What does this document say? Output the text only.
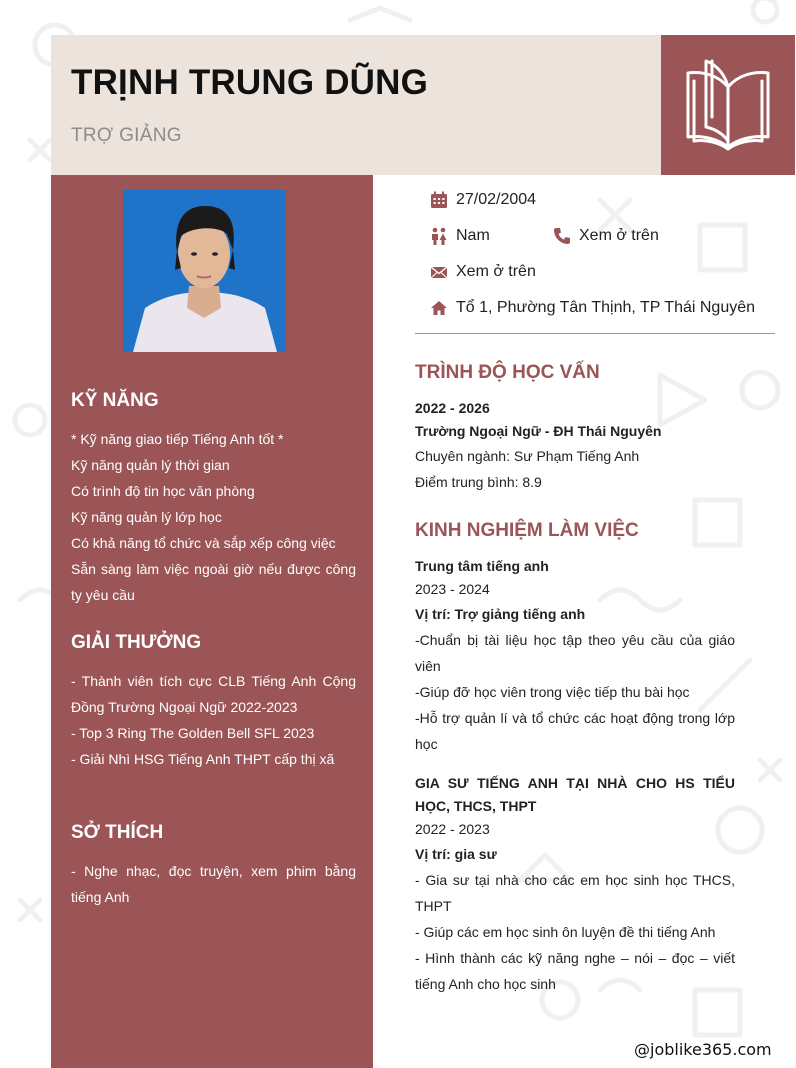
TRỊNH TRUNG DŨNG

TRỢ GIẢNG

KỸ NĂNG
* Kỹ năng giao tiếp Tiếng Anh tốt *
Kỹ năng quản lý thời gian
Có trình độ tin học văn phòng
Kỹ năng quản lý lớp học
Có khả năng tổ chức và sắp xếp công việc
Sẵn sàng làm việc ngoài giờ nếu được công ty yêu cầu
GIẢI THƯỞNG
- Thành viên tích cực CLB Tiếng Anh Cộng Đồng Trường Ngoại Ngữ 2022-2023
- Top 3 Ring The Golden Bell SFL 2023
- Giải Nhì HSG Tiếng Anh THPT cấp thị xã
SỞ THÍCH
- Nghe nhạc, đọc truyện, xem phim bằng tiếng Anh
27/02/2004
Nam	Xem ở trên
Xem ở trên
Tổ 1, Phường Tân Thịnh, TP Thái Nguyên
TRÌNH ĐỘ HỌC VẤN
2022 - 2026
Trường Ngoại Ngữ - ĐH Thái Nguyên
Chuyên ngành: Sư Phạm Tiếng Anh
Điểm trung bình: 8.9
KINH NGHIỆM LÀM VIỆC
Trung tâm tiếng anh
2023 - 2024
Vị trí: Trợ giảng tiếng anh
-Chuẩn bị tài liệu học tập theo yêu cầu của giáo viên
-Giúp đỡ học viên trong việc tiếp thu bài học
-Hỗ trợ quản lí và tổ chức các hoạt động trong lớp học
GIA SƯ TIẾNG ANH TẠI NHÀ CHO HS TIỂU HỌC, THCS, THPT
2022 - 2023
Vị trí: gia sư
- Gia sư tại nhà cho các em học sinh học THCS, THPT
- Giúp các em học sinh ôn luyện đề thi tiếng Anh
- Hình thành các kỹ năng nghe – nói – đọc – viết tiếng Anh cho học sinh
@joblike365.com
